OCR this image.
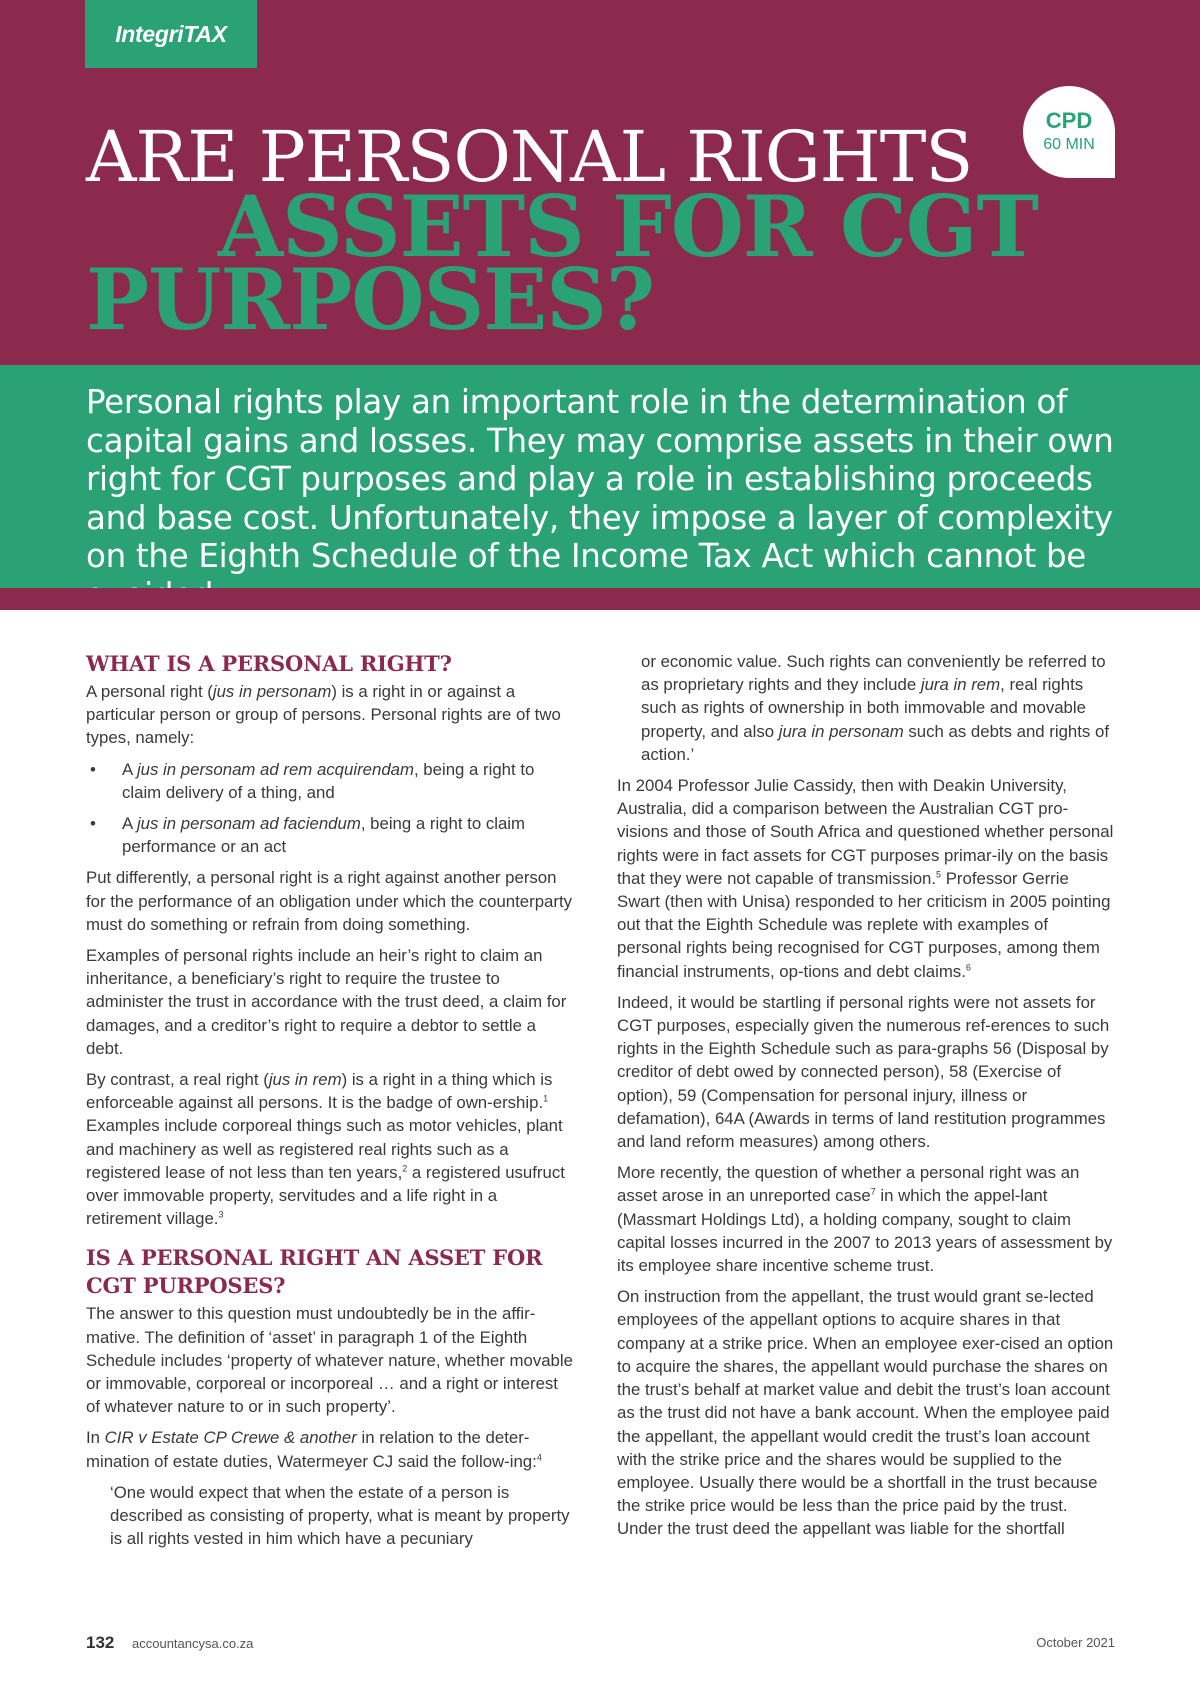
IntegriTAX
CPD
60 MIN
ARE PERSONAL RIGHTS
ASSETS FOR CGT
PURPOSES?
Personal rights play an important role in the determination of capital gains and losses. They may comprise assets in their own right for CGT purposes and play a role in establishing proceeds and base cost. Unfortunately, they impose a layer of complexity on the Eighth Schedule of the Income Tax Act which cannot be
WHAT IS A PERSONAL RIGHT?

A personal right (jus in personam) is a right in or against a particular person or group of persons. Personal rights are of two types, namely:

• A jus in personam ad rem acquirendam, being a right to claim delivery of a thing, and
• A jus in personam ad faciendum, being a right to claim performance or an act

Put differently, a personal right is a right against another person for the performance of an obligation under which the counterparty must do something or refrain from doing something.

Examples of personal rights include an heir’s right to claim an inheritance, a beneficiary’s right to require the trustee to administer the trust in accordance with the trust deed, a claim for damages, and a creditor’s right to require a debtor to settle a debt.

By contrast, a real right (jus in rem) is a right in a thing which is enforceable against all persons. It is the badge of own-ership.$^1$ Examples include corporeal things such as motor vehicles, plant and machinery as well as registered real rights such as a registered lease of not less than ten years,$^2$ a registered usufruct over immovable property, servitudes and a life right in a retirement village.$^3$

IS A PERSONAL RIGHT AN ASSET FOR CGT PURPOSES?

The answer to this question must undoubtedly be in the affir-mative. The definition of ‘asset’ in paragraph 1 of the Eighth Schedule includes ‘property of whatever nature, whether movable or immovable, corporeal or incorporeal … and a right or interest of whatever nature to or in such property’.

In CIR v Estate CP Crewe & another in relation to the deter-mination of estate duties, Watermeyer CJ said the follow-ing:$^4$

‘One would expect that when the estate of a person is described as consisting of property, what is meant by property is all rights vested in him which have a pecuniary

or economic value. Such rights can conveniently be referred to as proprietary rights and they include jura in rem, real rights such as rights of ownership in both immovable and movable property, and also jura in personam such as debts and rights of action.’

In 2004 Professor Julie Cassidy, then with Deakin University, Australia, did a comparison between the Australian CGT pro-visions and those of South Africa and questioned whether personal rights were in fact assets for CGT purposes primar-ily on the basis that they were not capable of transmission.$^5$ Professor Gerrie Swart (then with Unisa) responded to her criticism in 2005 pointing out that the Eighth Schedule was replete with examples of personal rights being recognised for CGT purposes, among them financial instruments, op-tions and debt claims.$^6$

Indeed, it would be startling if personal rights were not assets for CGT purposes, especially given the numerous ref-erences to such rights in the Eighth Schedule such as para-graphs 56 (Disposal by creditor of debt owed by connected person), 58 (Exercise of option), 59 (Compensation for personal injury, illness or defamation), 64A (Awards in terms of land restitution programmes and land reform measures) among others.

More recently, the question of whether a personal right was an asset arose in an unreported case$^7$ in which the appel-lant (Massmart Holdings Ltd), a holding company, sought to claim capital losses incurred in the 2007 to 2013 years of assessment by its employee share incentive scheme trust.

On instruction from the appellant, the trust would grant se-lected employees of the appellant options to acquire shares in that company at a strike price. When an employee exer-cised an option to acquire the shares, the appellant would purchase the shares on the trust’s behalf at market value and debit the trust’s loan account as the trust did not have a bank account. When the employee paid the appellant, the appellant would credit the trust’s loan account with the strike price and the shares would be supplied to the employee. Usually there would be a shortfall in the trust because the strike price would be less than the price paid by the trust. Under the trust deed the appellant was liable for the shortfall

132 accountancysa.co.za	October 2021
